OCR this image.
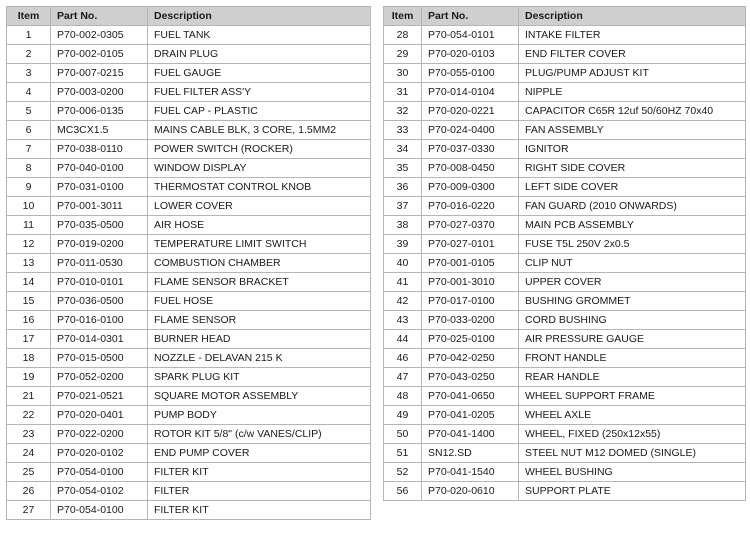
Item	Part No.	Description
1	P70-002-0305	FUEL TANK
2	P70-002-0105	DRAIN PLUG
3	P70-007-0215	FUEL GAUGE
4	P70-003-0200	FUEL FILTER ASS'Y
5	P70-006-0135	FUEL CAP - PLASTIC
6	MC3CX1.5	MAINS CABLE BLK, 3 CORE, 1.5MM2
7	P70-038-0110	POWER SWITCH (ROCKER)
8	P70-040-0100	WINDOW DISPLAY
9	P70-031-0100	THERMOSTAT CONTROL KNOB
10	P70-001-3011	LOWER COVER
11	P70-035-0500	AIR HOSE
12	P70-019-0200	TEMPERATURE LIMIT SWITCH
13	P70-011-0530	COMBUSTION CHAMBER
14	P70-010-0101	FLAME SENSOR BRACKET
15	P70-036-0500	FUEL HOSE
16	P70-016-0100	FLAME SENSOR
17	P70-014-0301	BURNER HEAD
18	P70-015-0500	NOZZLE - DELAVAN 215 K
19	P70-052-0200	SPARK PLUG KIT
21	P70-021-0521	SQUARE MOTOR ASSEMBLY
22	P70-020-0401	PUMP BODY
23	P70-022-0200	ROTOR KIT 5/8" (c/w VANES/CLIP)
24	P70-020-0102	END PUMP COVER
25	P70-054-0100	FILTER KIT
26	P70-054-0102	FILTER
27	P70-054-0100	FILTER KIT
Item	Part No.	Description
28	P70-054-0101	INTAKE FILTER
29	P70-020-0103	END FILTER COVER
30	P70-055-0100	PLUG/PUMP ADJUST KIT
31	P70-014-0104	NIPPLE
32	P70-020-0221	CAPACITOR C65R 12uf 50/60HZ 70x40
33	P70-024-0400	FAN ASSEMBLY
34	P70-037-0330	IGNITOR
35	P70-008-0450	RIGHT SIDE COVER
36	P70-009-0300	LEFT SIDE COVER
37	P70-016-0220	FAN GUARD (2010 ONWARDS)
38	P70-027-0370	MAIN PCB ASSEMBLY
39	P70-027-0101	FUSE T5L 250V 2x0.5
40	P70-001-0105	CLIP NUT
41	P70-001-3010	UPPER COVER
42	P70-017-0100	BUSHING GROMMET
43	P70-033-0200	CORD BUSHING
44	P70-025-0100	AIR PRESSURE GAUGE
46	P70-042-0250	FRONT HANDLE
47	P70-043-0250	REAR HANDLE
48	P70-041-0650	WHEEL SUPPORT FRAME
49	P70-041-0205	WHEEL AXLE
50	P70-041-1400	WHEEL, FIXED (250x12x55)
51	SN12.SD	STEEL NUT M12 DOMED (SINGLE)
52	P70-041-1540	WHEEL BUSHING
56	P70-020-0610	SUPPORT PLATE
